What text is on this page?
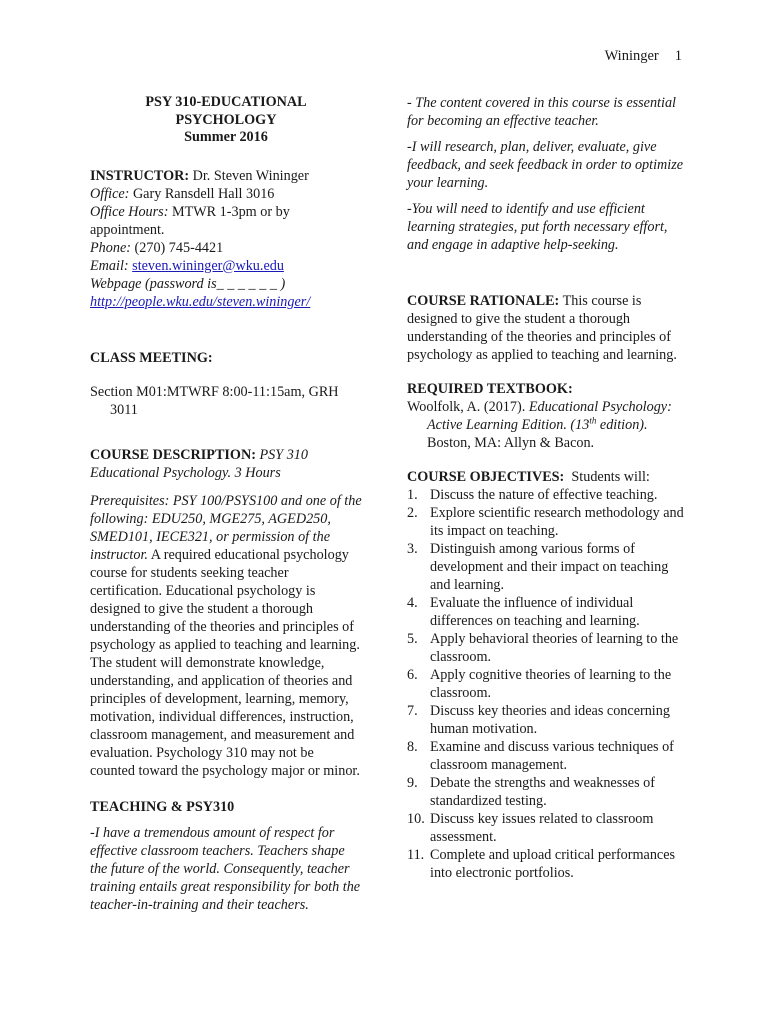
Wininger 1
PSY 310-EDUCATIONAL
PSYCHOLOGY
Summer 2016

INSTRUCTOR: Dr. Steven Wininger

Office: Gary Ransdell Hall 3016

Office Hours: MTWR 1-3pm or by appointment.

Phone: (270) 745-4421

Email: steven.wininger@wku.edu

Webpage (password is_ _ _ _ _ _ )

http://people.wku.edu/steven.wininger/

CLASS MEETING:

Section M01:MTWRF 8:00-11:15am, GRH 3011

COURSE DESCRIPTION: PSY 310 Educational Psychology. 3 Hours

Prerequisites: PSY 100/PSYS100 and one of the following: EDU250, MGE275, AGED250, SMED101, IECE321, or permission of the instructor. A required educational psychology course for students seeking teacher certification. Educational psychology is designed to give the student a thorough understanding of the theories and principles of psychology as applied to teaching and learning. The student will demonstrate knowledge, understanding, and application of theories and principles of development, learning, memory, motivation, individual differences, instruction, classroom management, and measurement and evaluation. Psychology 310 may not be counted toward the psychology major or minor.

TEACHING & PSY310

-I have a tremendous amount of respect for effective classroom teachers. Teachers shape the future of the world. Consequently, teacher training entails great responsibility for both the teacher-in-training and their teachers.

- The content covered in this course is essential for becoming an effective teacher.

-I will research, plan, deliver, evaluate, give feedback, and seek feedback in order to optimize your learning.

-You will need to identify and use efficient learning strategies, put forth necessary effort, and engage in adaptive help-seeking.

COURSE RATIONALE: This course is designed to give the student a thorough understanding of the theories and principles of psychology as applied to teaching and learning.

REQUIRED TEXTBOOK:

Woolfolk, A. (2017). Educational Psychology: Active Learning Edition. (13th edition). Boston, MA: Allyn & Bacon.

COURSE OBJECTIVES:  Students will:

1. Discuss the nature of effective teaching.
2. Explore scientific research methodology and its impact on teaching.
3. Distinguish among various forms of development and their impact on teaching and learning.
4. Evaluate the influence of individual differences on teaching and learning.
5. Apply behavioral theories of learning to the classroom.
6. Apply cognitive theories of learning to the classroom.
7. Discuss key theories and ideas concerning human motivation.
8. Examine and discuss various techniques of classroom management.
9. Debate the strengths and weaknesses of standardized testing.
10. Discuss key issues related to classroom assessment.
11. Complete and upload critical performances into electronic portfolios.
